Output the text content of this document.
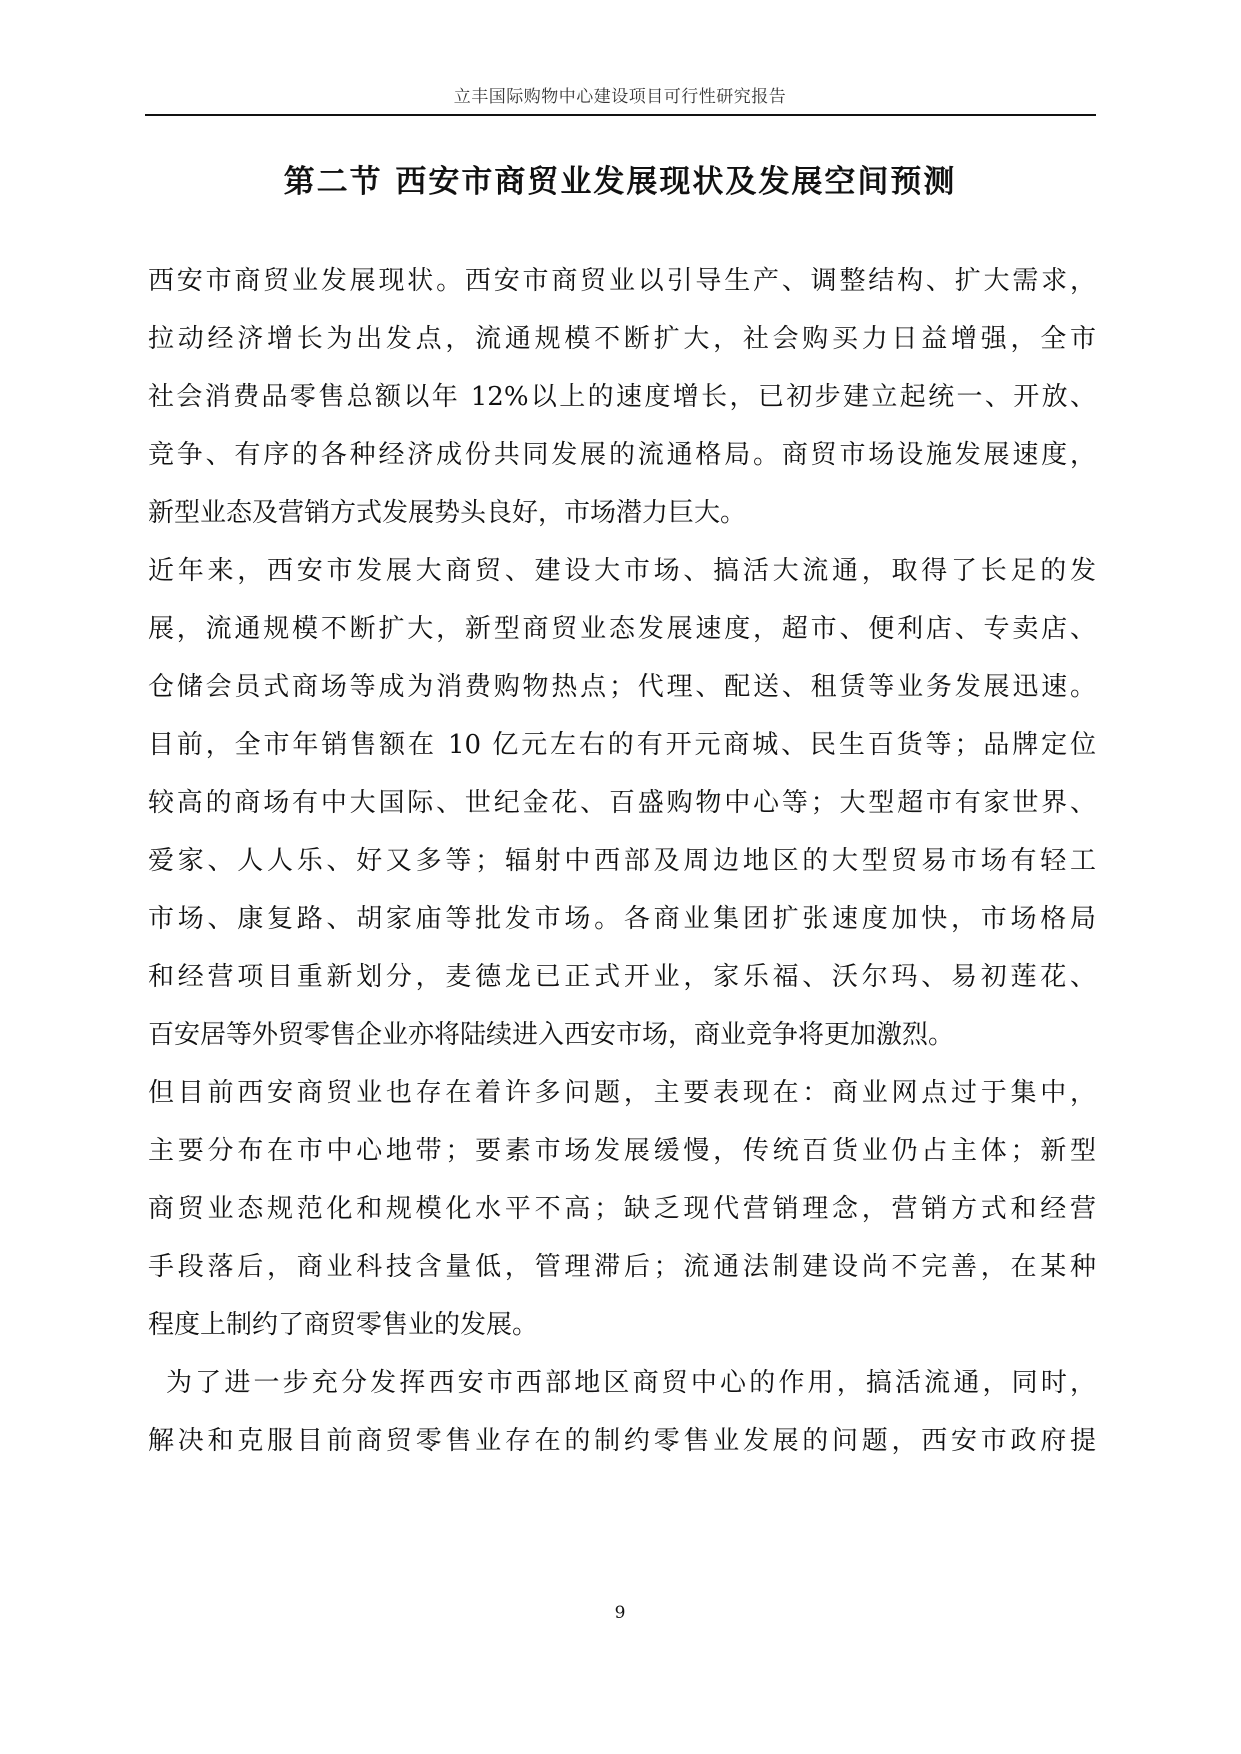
立丰国际购物中心建设项目可行性研究报告
第二节 西安市商贸业发展现状及发展空间预测
西安市商贸业发展现状。西安市商贸业以引导生产、调整结构、扩大需求，
拉动经济增长为出发点，流通规模不断扩大，社会购买力日益增强，全市
社会消费品零售总额以年 12%以上的速度增长，已初步建立起统一、开放、
竞争、有序的各种经济成份共同发展的流通格局。商贸市场设施发展速度，
新型业态及营销方式发展势头良好，市场潜力巨大。
近年来，西安市发展大商贸、建设大市场、搞活大流通，取得了长足的发
展，流通规模不断扩大，新型商贸业态发展速度，超市、便利店、专卖店、
仓储会员式商场等成为消费购物热点；代理、配送、租赁等业务发展迅速。
目前，全市年销售额在 10 亿元左右的有开元商城、民生百货等；品牌定位
较高的商场有中大国际、世纪金花、百盛购物中心等；大型超市有家世界、
爱家、人人乐、好又多等；辐射中西部及周边地区的大型贸易市场有轻工
市场、康复路、胡家庙等批发市场。各商业集团扩张速度加快，市场格局
和经营项目重新划分，麦德龙已正式开业，家乐福、沃尔玛、易初莲花、
百安居等外贸零售企业亦将陆续进入西安市场，商业竞争将更加激烈。
但目前西安商贸业也存在着许多问题，主要表现在：商业网点过于集中，
主要分布在市中心地带；要素市场发展缓慢，传统百货业仍占主体；新型
商贸业态规范化和规模化水平不高；缺乏现代营销理念，营销方式和经营
手段落后，商业科技含量低，管理滞后；流通法制建设尚不完善，在某种
程度上制约了商贸零售业的发展。
为了进一步充分发挥西安市西部地区商贸中心的作用，搞活流通，同时，
解决和克服目前商贸零售业存在的制约零售业发展的问题，西安市政府提
9
